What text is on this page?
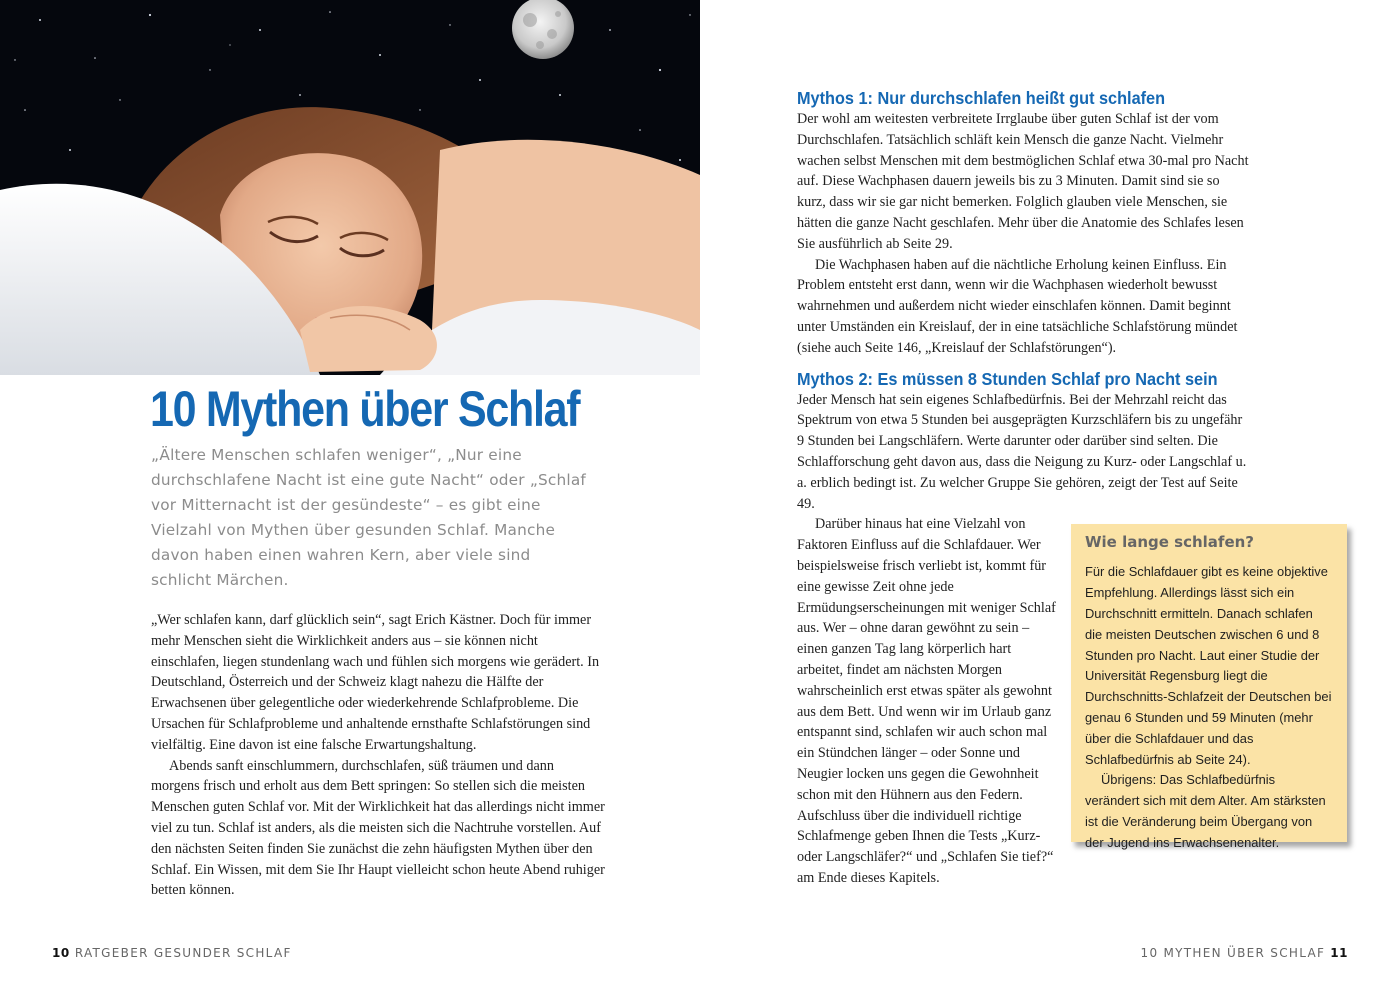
10 Mythen über Schlaf

„Ältere Menschen schlafen weniger“, „Nur eine durchschlafene Nacht ist eine gute Nacht“ oder „Schlaf vor Mitternacht ist der gesündeste“ – es gibt eine Vielzahl von Mythen über gesunden Schlaf. Manche davon haben einen wahren Kern, aber viele sind schlicht Märchen.

„Wer schlafen kann, darf glücklich sein“, sagt Erich Kästner. Doch für immer mehr Menschen sieht die Wirklichkeit anders aus – sie können nicht einschlafen, liegen stundenlang wach und fühlen sich morgens wie gerädert. In Deutschland, Österreich und der Schweiz klagt nahezu die Hälfte der Erwachsenen über gelegentliche oder wiederkehrende Schlafprobleme. Die Ursachen für Schlafprobleme und anhaltende ernsthafte Schlafstörungen sind vielfältig. Eine davon ist eine falsche Erwartungshaltung.

Abends sanft einschlummern, durchschlafen, süß träumen und dann morgens frisch und erholt aus dem Bett springen: So stellen sich die meisten Menschen guten Schlaf vor. Mit der Wirklichkeit hat das allerdings nicht immer viel zu tun. Schlaf ist anders, als die meisten sich die Nachtruhe vorstellen. Auf den nächsten Seiten finden Sie zunächst die zehn häufigsten Mythen über den Schlaf. Ein Wissen, mit dem Sie Ihr Haupt vielleicht schon heute Abend ruhiger betten können.

10 RATGEBER GESUNDER SCHLAF
Mythos 1: Nur durchschlafen heißt gut schlafen

Der wohl am weitesten verbreitete Irrglaube über guten Schlaf ist der vom Durchschlafen. Tatsächlich schläft kein Mensch die ganze Nacht. Vielmehr wachen selbst Menschen mit dem bestmöglichen Schlaf etwa 30-mal pro Nacht auf. Diese Wachphasen dauern jeweils bis zu 3 Minuten. Damit sind sie so kurz, dass wir sie gar nicht bemerken. Folglich glauben viele Menschen, sie hätten die ganze Nacht geschlafen. Mehr über die Anatomie des Schlafes lesen Sie ausführlich ab Seite 29.

Die Wachphasen haben auf die nächtliche Erholung keinen Einfluss. Ein Problem entsteht erst dann, wenn wir die Wachphasen wiederholt bewusst wahrnehmen und außerdem nicht wieder einschlafen können. Damit beginnt unter Umständen ein Kreislauf, der in eine tatsächliche Schlafstörung mündet (siehe auch Seite 146, „Kreislauf der Schlafstörungen“).

Mythos 2: Es müssen 8 Stunden Schlaf pro Nacht sein

Jeder Mensch hat sein eigenes Schlafbedürfnis. Bei der Mehrzahl reicht das Spektrum von etwa 5 Stunden bei ausgeprägten Kurzschläfern bis zu ungefähr 9 Stunden bei Langschläfern. Werte darunter oder darüber sind selten. Die Schlafforschung geht davon aus, dass die Neigung zu Kurz- oder Langschlaf u. a. erblich bedingt ist. Zu welcher Gruppe Sie gehören, zeigt der Test auf Seite 49.

Wie lange schlafen?

Für die Schlafdauer gibt es keine objektive Empfehlung. Allerdings lässt sich ein Durchschnitt ermitteln. Danach schlafen die meisten Deutschen zwischen 6 und 8 Stunden pro Nacht. Laut einer Studie der Universität Regensburg liegt die Durchschnitts-Schlafzeit der Deutschen bei genau 6 Stunden und 59 Minuten (mehr über die Schlafdauer und das Schlafbedürfnis ab Seite 24).

Übrigens: Das Schlafbedürfnis verändert sich mit dem Alter. Am stärksten ist die Veränderung beim Übergang von der Jugend ins Erwachsenenalter.

Darüber hinaus hat eine Vielzahl von Faktoren Einfluss auf die Schlafdauer. Wer beispielsweise frisch verliebt ist, kommt für eine gewisse Zeit ohne jede Ermüdungserscheinungen mit weniger Schlaf aus. Wer – ohne daran gewöhnt zu sein – einen ganzen Tag lang körperlich hart arbeitet, findet am nächsten Morgen wahrscheinlich erst etwas später als gewohnt aus dem Bett. Und wenn wir im Urlaub ganz entspannt sind, schlafen wir auch schon mal ein Stündchen länger – oder Sonne und Neugier locken uns gegen die Gewohnheit schon mit den Hühnern aus den Federn. Aufschluss über die individuell richtige Schlafmenge geben Ihnen die Tests „Kurz- oder Langschläfer?“ und „Schlafen Sie tief?“ am Ende dieses Kapitels.

10 MYTHEN ÜBER SCHLAF 11
